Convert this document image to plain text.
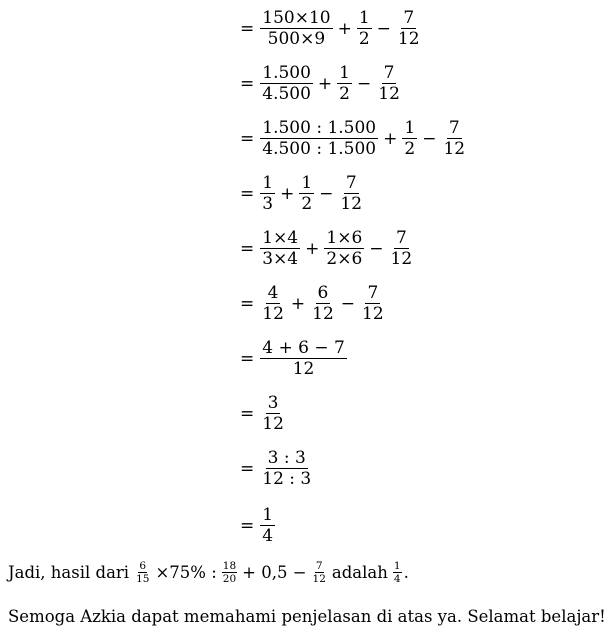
= $\frac{150\times 10}{500\times 9} + \frac{1}{2} - \frac{7}{12}$
= $\frac{1.500}{4.500} + \frac{1}{2} - \frac{7}{12}$
= $\frac{1.500 : 1.500}{4.500 : 1.500} + \frac{1}{2} - \frac{7}{12}$
= $\frac{1}{3} + \frac{1}{2} - \frac{7}{12}$
= $\frac{1\times 4}{3\times 4} + \frac{1\times 6}{2\times 6} - \frac{7}{12}$
= $\frac{4}{12} + \frac{6}{12} - \frac{7}{12}$
= $\frac{4 + 6 - 7}{12}$
= $\frac{3}{12}$
= $\frac{3 : 3}{12 : 3}$
= $\frac{1}{4}$
Jadi, hasil dari $\frac{6}{15} \times 75\%$ : $\frac{18}{20} + 0,5 - \frac{7}{12}$ adalah $\frac{1}{4}$ .
Semoga Azkia dapat memahami penjelasan di atas ya. Selamat belajar!
